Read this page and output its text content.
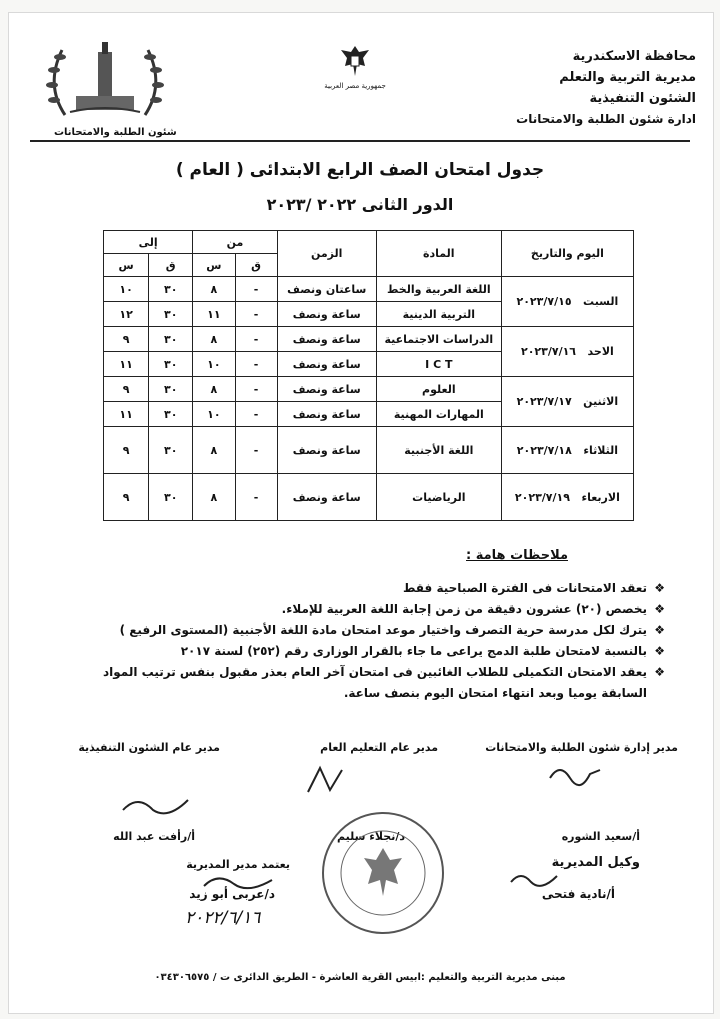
محافظة الاسكندرية
مديرية التربية والتعلم
الشئون التنفيذية
ادارة شئون الطلبة والامتحانات
جمهورية مصر العربية
شئون الطلبة والامتحانات
جدول امتحان الصف الرابع الابتدائى ( العام )
الدور الثانى ٢٠٢٢ /٢٠٢٣
اليوم والتاريخ	المادة	الزمن	من		إلى	
			ق	س	ق	س
السبت   ٢٠٢٣/٧/١٥	اللغة العربية والخط	ساعتان ونصف	-	٨	٣٠	١٠
	التربية الدينية	ساعة ونصف	-	١١	٣٠	١٢
الاحد   ٢٠٢٣/٧/١٦	الدراسات الاجتماعية	ساعة ونصف	-	٨	٣٠	٩
	I C T	ساعة ونصف	-	١٠	٣٠	١١
الاثنين   ٢٠٢٣/٧/١٧	العلوم	ساعة ونصف	-	٨	٣٠	٩
	المهارات المهنية	ساعة ونصف	-	١٠	٣٠	١١
الثلاثاء   ٢٠٢٣/٧/١٨	اللغة الأجنبية	ساعة ونصف	-	٨	٣٠	٩
الاربعاء   ٢٠٢٣/٧/١٩	الرياضيات	ساعة ونصف	-	٨	٣٠	٩
ملاحظات هامة :
❖تعقد الامتحانات فى الفترة الصباحية فقط
❖يخصص (٢٠) عشرون دقيقة من زمن إجابة اللغة العربية للإملاء.
❖يترك لكل مدرسة حرية التصرف واختيار موعد امتحان مادة اللغة الأجنبية (المستوى الرفيع )
❖بالنسبة لامتحان طلبة الدمج يراعى ما جاء بالقرار الوزارى رقم (٢٥٢) لسنة ٢٠١٧
❖يعقد الامتحان التكميلى للطلاب الغائبين فى امتحان آخر العام بعذر مقبول بنفس ترتيب المواد
السابقة يوميا وبعد انتهاء امتحان اليوم بنصف ساعة.
مدير إدارة شئون الطلبة والامتحانات
مدير عام التعليم العام
مدير عام الشئون التنفيذية
أ/سعيد الشوره
د/نجلاء سليم
أ/رأفت عبد الله
وكيل المديرية
يعتمد مدير المديرية
أ/نادية فتحى
د/عربى أبو زيد
٢٠٢٢/٦/١٦
مبنى مديرية التربية والتعليم :ابيس القرية العاشرة - الطريق الدائرى ت / ٠٣٤٣٠٦٥٧٥
